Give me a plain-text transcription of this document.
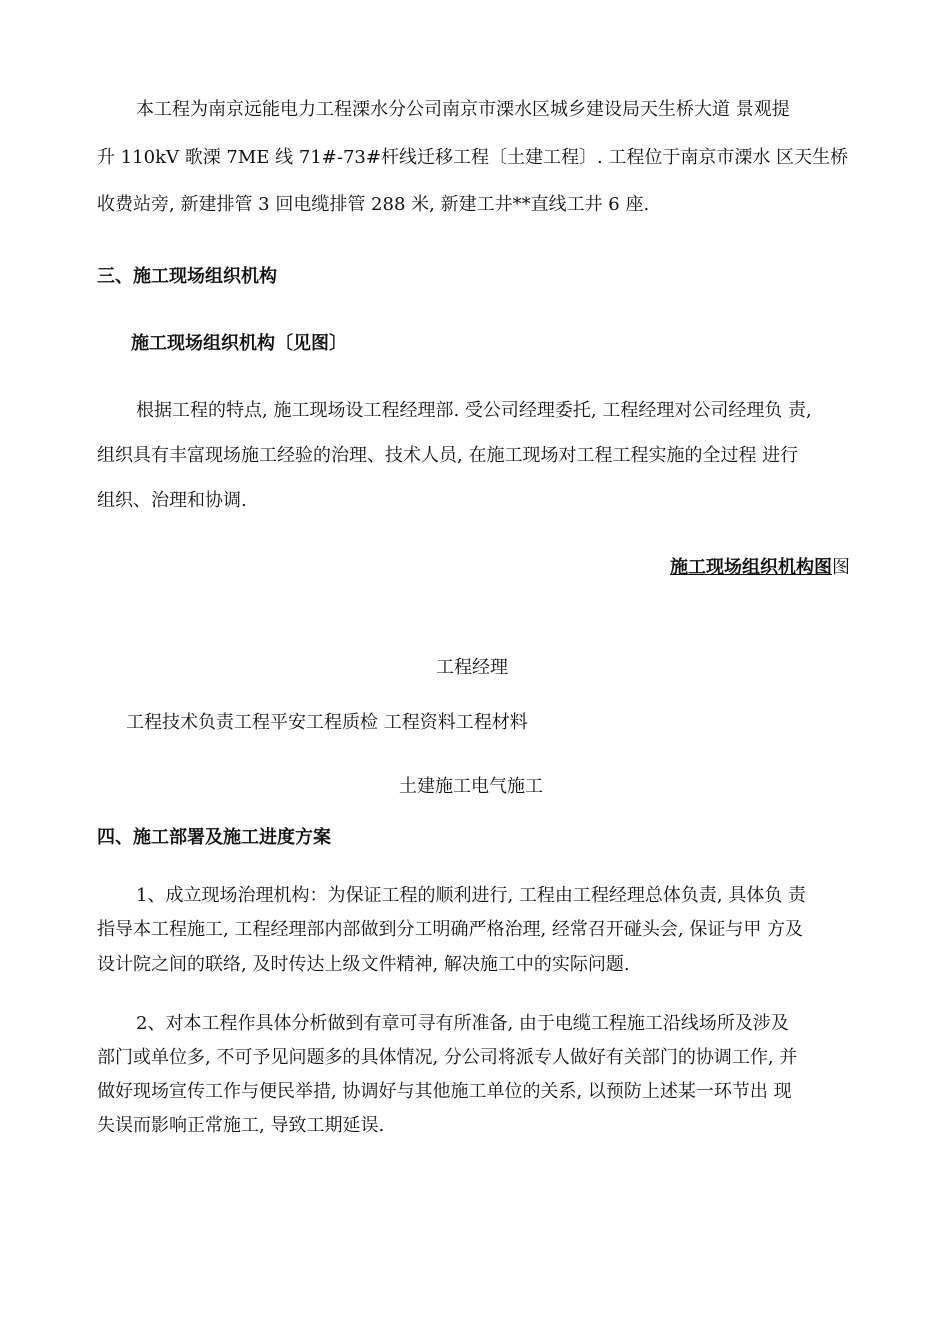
本工程为南京远能电力工程溧水分公司南京市溧水区城乡建设局天生桥大道 景观提
升 110kV 歌溧 7ME 线 71#-73#杆线迁移工程〔土建工程〕. 工程位于南京市溧水 区天生桥
收费站旁, 新建排管 3 回电缆排管 288 米, 新建工井**直线工井 6 座.
三、施工现场组织机构
施工现场组织机构〔见图〕
根据工程的特点, 施工现场设工程经理部. 受公司经理委托, 工程经理对公司经理负 责,
组织具有丰富现场施工经验的治理、技术人员, 在施工现场对工程工程实施的全过程 进行
组织、治理和协调.
施工现场组织机构图图
工程经理
工程技术负责工程平安工程质检 工程资料工程材料
土建施工电气施工
四、施工部署及施工进度方案
1、成立现场治理机构：为保证工程的顺利进行, 工程由工程经理总体负责, 具体负 责
指导本工程施工, 工程经理部内部做到分工明确严格治理, 经常召开碰头会, 保证与甲 方及
设计院之间的联络, 及时传达上级文件精神, 解决施工中的实际问题.
2、对本工程作具体分析做到有章可寻有所准备, 由于电缆工程施工沿线场所及涉及
部门或单位多, 不可予见问题多的具体情况, 分公司将派专人做好有关部门的协调工作, 并
做好现场宣传工作与便民举措, 协调好与其他施工单位的关系, 以预防上述某一环节出 现
失误而影响正常施工, 导致工期延误.
